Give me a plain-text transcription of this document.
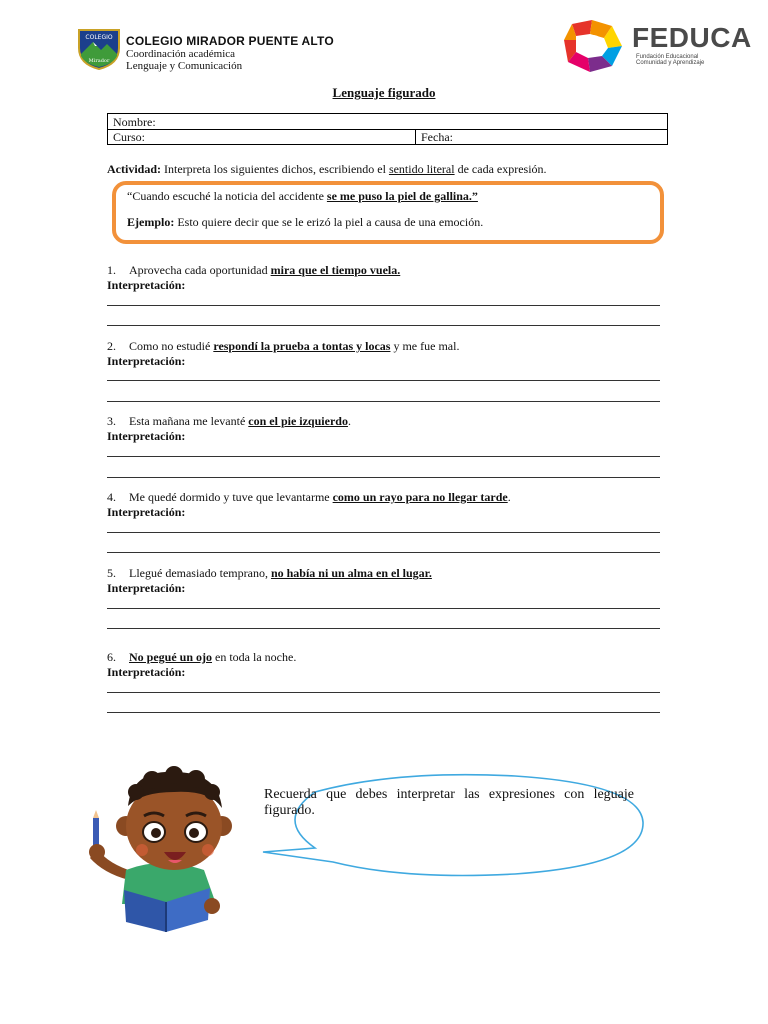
COLEGIO
Mirador
COLEGIO MIRADOR PUENTE ALTO
Coordinación académica
Lenguaje y Comunicación
FEDUCA
Fundación Educacional
Comunidad y Aprendizaje
Lenguaje figurado
Nombre:
Curso:	Fecha:
Actividad: Interpreta los siguientes dichos, escribiendo el sentido literal de cada expresión.
“Cuando escuché la noticia del accidente se me puso la piel de gallina.”
Ejemplo: Esto quiere decir que se le erizó la piel a causa de una emoción.
1. Aprovecha cada oportunidad mira que el tiempo vuela.
Interpretación:
2. Como no estudié respondí la prueba a tontas y locas y me fue mal.
Interpretación:
3. Esta mañana me levanté con el pie izquierdo.
Interpretación:
4. Me quedé dormido y tuve que levantarme como un rayo para no llegar tarde.
Interpretación:
5. Llegué demasiado temprano, no había ni un alma en el lugar.
Interpretación:
6. No pegué un ojo en toda la noche.
Interpretación:
Recuerda que debes interpretar las expresiones con leguaje figurado.
